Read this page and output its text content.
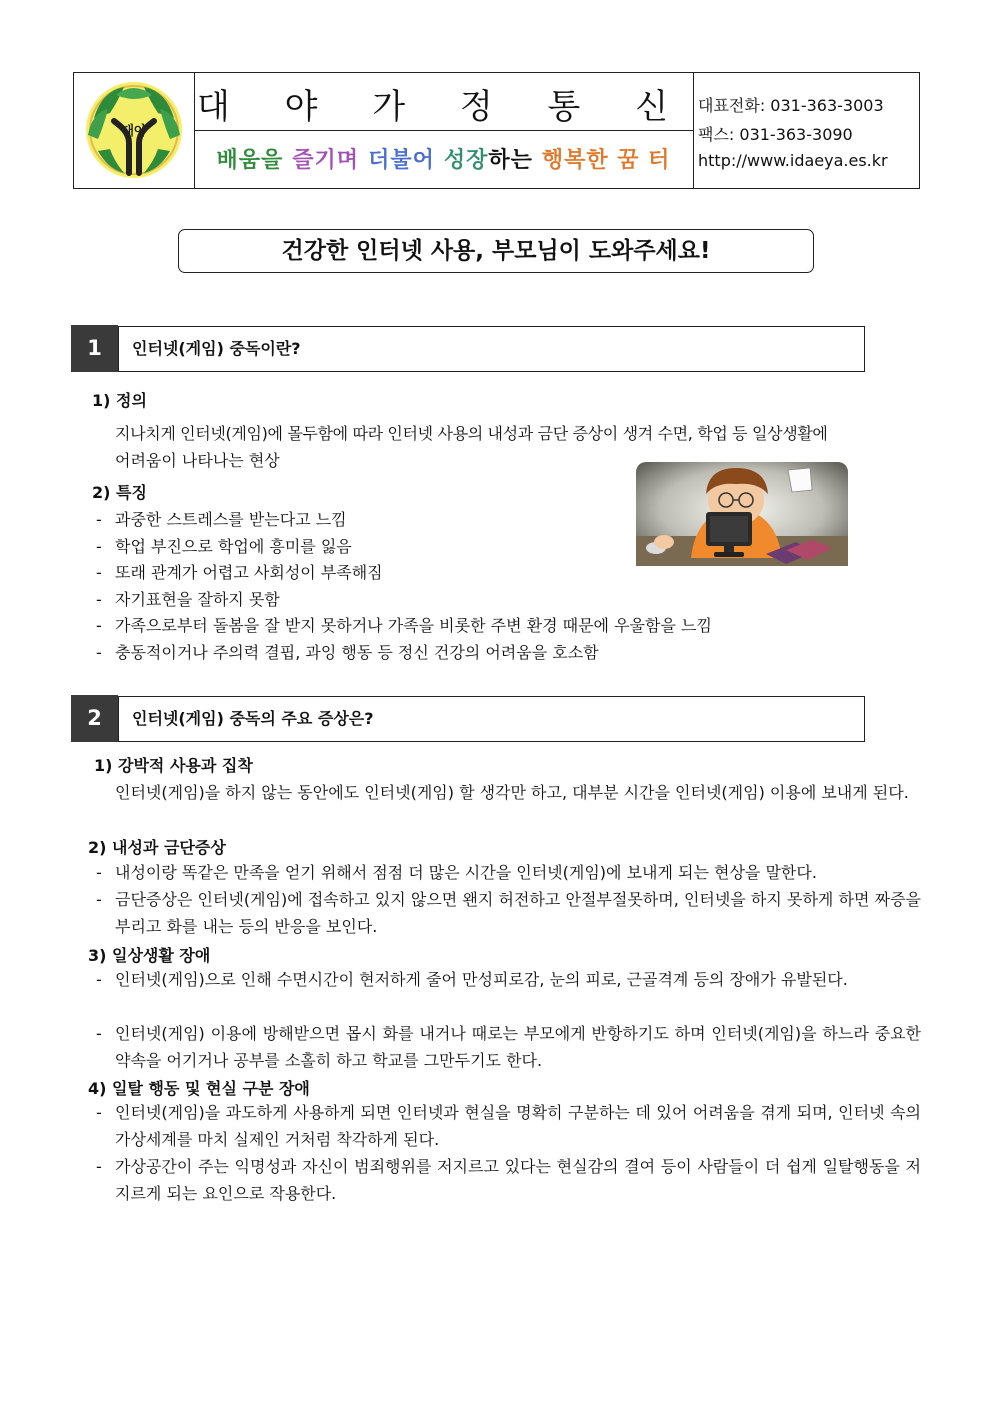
대야
대 야 가 정 통 신
배움을 즐기며 더불어 성장하는 행복한 꿈 터
대표전화: 031-363-3003
팩스: 031-363-3090
http://www.idaeya.es.kr
건강한 인터넷 사용, 부모님이 도와주세요!
1	인터넷(게임) 중독이란?
1) 정의
지나치게 인터넷(게임)에 몰두함에 따라 인터넷 사용의 내성과 금단 증상이 생겨 수면, 학업 등 일상생활에
어려움이 나타나는 현상
2) 특징
- 과중한 스트레스를 받는다고 느낌
- 학업 부진으로 학업에 흥미를 잃음
- 또래 관계가 어렵고 사회성이 부족해짐
- 자기표현을 잘하지 못함
- 가족으로부터 돌봄을 잘 받지 못하거나 가족을 비롯한 주변 환경 때문에 우울함을 느낌
- 충동적이거나 주의력 결핍, 과잉 행동 등 정신 건강의 어려움을 호소함
2	인터넷(게임) 중독의 주요 증상은?
1) 강박적 사용과 집착
인터넷(게임)을 하지 않는 동안에도 인터넷(게임) 할 생각만 하고, 대부분 시간을 인터넷(게임) 이용에 보내게 된다.
2) 내성과 금단증상
- 내성이랑 똑같은 만족을 얻기 위해서 점점 더 많은 시간을 인터넷(게임)에 보내게 되는 현상을 말한다.
- 금단증상은 인터넷(게임)에 접속하고 있지 않으면 왠지 허전하고 안절부절못하며, 인터넷을 하지 못하게 하면 짜증을 부리고 화를 내는 등의 반응을 보인다.
3) 일상생활 장애
- 인터넷(게임)으로 인해 수면시간이 현저하게 줄어 만성피로감, 눈의 피로, 근골격계 등의 장애가 유발된다.
- 인터넷(게임) 이용에 방해받으면 몹시 화를 내거나 때로는 부모에게 반항하기도 하며 인터넷(게임)을 하느라 중요한 약속을 어기거나 공부를 소홀히 하고 학교를 그만두기도 한다.
4) 일탈 행동 및 현실 구분 장애
- 인터넷(게임)을 과도하게 사용하게 되면 인터넷과 현실을 명확히 구분하는 데 있어 어려움을 겪게 되며, 인터넷 속의 가상세계를 마치 실제인 거처럼 착각하게 된다.
- 가상공간이 주는 익명성과 자신이 범죄행위를 저지르고 있다는 현실감의 결여 등이 사람들이 더 쉽게 일탈행동을 저지르게 되는 요인으로 작용한다.
